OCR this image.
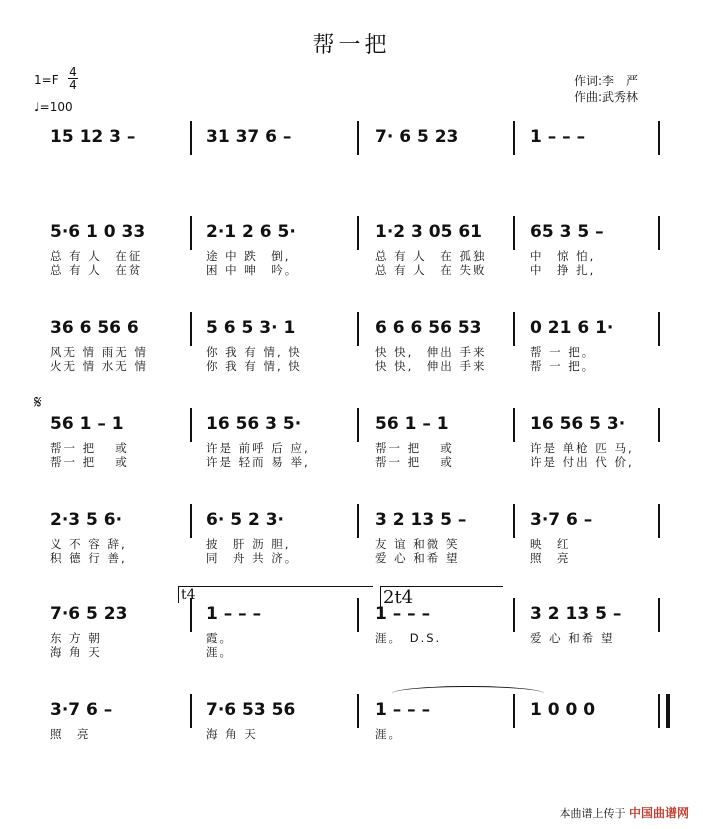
帮一把
1=F
4
4
♩=100
作词:李　严
作曲:武秀林
15 12 3 –	31 37 6 –	7· 6 5 23	1 – – –
5·6 1 0 33	2·1 2 6 5·	1·2 3 05 61	65 3 5 –
总 有 人　在征	途 中 跌　倒,	总 有 人　在 孤独	中　惊 怕,
总 有 人　在贫	困 中 呻　吟。	总 有 人　在 失败	中　挣 扎,
36 6 56 6	5 6 5 3· 1	6 6 6 56 53	0 21 6 1·
风无 情 雨无 情	你 我 有 情, 快	快 快,　伸出 手来	帮 一 把。
火无 情 水无 情	你 我 有 情, 快	快 快,　伸出 手来	帮 一 把。
56 1 – 1	16 56 3 5·	56 1 – 1	16 56 5 3·
帮一 把　 或	许是 前呼 后 应,	帮一 把　 或	许是 单枪 匹 马,
帮一 把　 或	许是 轻而 易 举,	帮一 把　 或	许是 付出 代 价,
2·3 5 6·	6· 5 2 3·	3 2 13 5 –	3·7 6 –
义 不 容 辞,	披　肝 沥 胆,	友 谊 和微 笑	映　红
积 德 行 善,	同　舟 共 济。	爱 心 和希 望	照　亮
7·6 5 23	1 – – –	1 – – –	3 2 13 5 –
东 方 朝	霞。	涯。　D.S.	爱 心 和希 望
海 角 天	涯。
3·7 6 –	7·6 53 56	1 – – –	1 0 0 0
照　亮	海 角 天	涯。
𝄋
t4	2t4
本曲谱上传于 中国曲谱网
